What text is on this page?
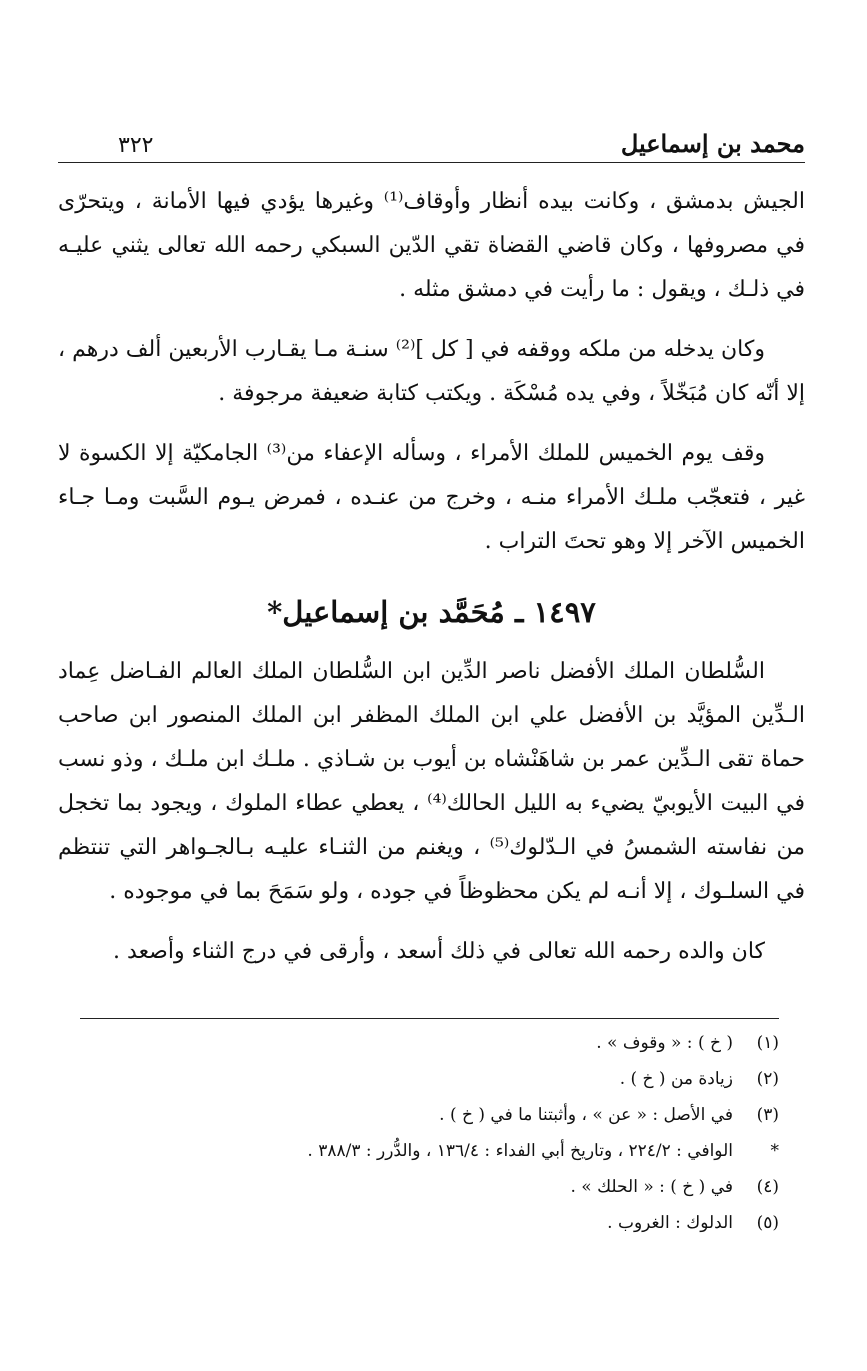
محمد بن إسماعيل
٣٢٢

الجيش بدمشق ، وكانت بيده أنظار وأوقاف⁽¹⁾ وغيرها يؤدي فيها الأمانة ، ويتحرّى في مصروفها ، وكان قاضي القضاة تقي الدّين السبكي رحمه الله تعالى يثني عليـه في ذلـك ، ويقول : ما رأيت في دمشق مثله .

وكان يدخله من ملكه ووقفه في [ كل ]⁽²⁾ سنـة مـا يقـارب الأربعين ألف درهم ، إلا أنّه كان مُبَخّلاً ، وفي يده مُسْكَة . ويكتب كتابة ضعيفة مرجوفة .

وقف يوم الخميس للملك الأمراء ، وسأله الإعفاء من⁽³⁾ الجامكيّة إلا الكسوة لا غير ، فتعجّب ملـك الأمراء منـه ، وخرج من عنـده ، فمرض يـوم السَّبت ومـا جـاء الخميس الآخر إلا وهو تحتَ التراب .

١٤٩٧ ـ مُحَمَّد بن إسماعيل*

السُّلطان الملك الأفضل ناصر الدِّين ابن السُّلطان الملك العالم الفـاضل عِماد الـدِّين المؤيَّد بن الأفضل علي ابن الملك المظفر ابن الملك المنصور ابن صاحب حماة تقى الـدِّين عمر بن شاهَنْشاه بن أيوب بن شـاذي . ملـك ابن ملـك ، وذو نسب في البيت الأيوبيّ يضيء به الليل الحالك⁽⁴⁾ ، يعطي عطاء الملوك ، ويجود بما تخجل من نفاسته الشمسُ في الـدّلوك⁽⁵⁾ ، ويغنم من الثنـاء عليـه بـالجـواهر التي تنتظم في السلـوك ، إلا أنـه لم يكن محظوظاً في جوده ، ولو سَمَحَ بما في موجوده .

كان والده رحمه الله تعالى في ذلك أسعد ، وأرقى في درج الثناء وأصعد .

(١)
( خ ) : « وقوف » .
(٢)
زيادة من ( خ ) .
(٣)
في الأصل : « عن » ، وأثبتنا ما في ( خ ) .
*
الوافي : ٢٢٤/٢ ، وتاريخ أبي الفداء : ١٣٦/٤ ، والدُّرر : ٣٨٨/٣ .
(٤)
في ( خ ) : « الحلك » .
(٥)
الدلوك : الغروب .
